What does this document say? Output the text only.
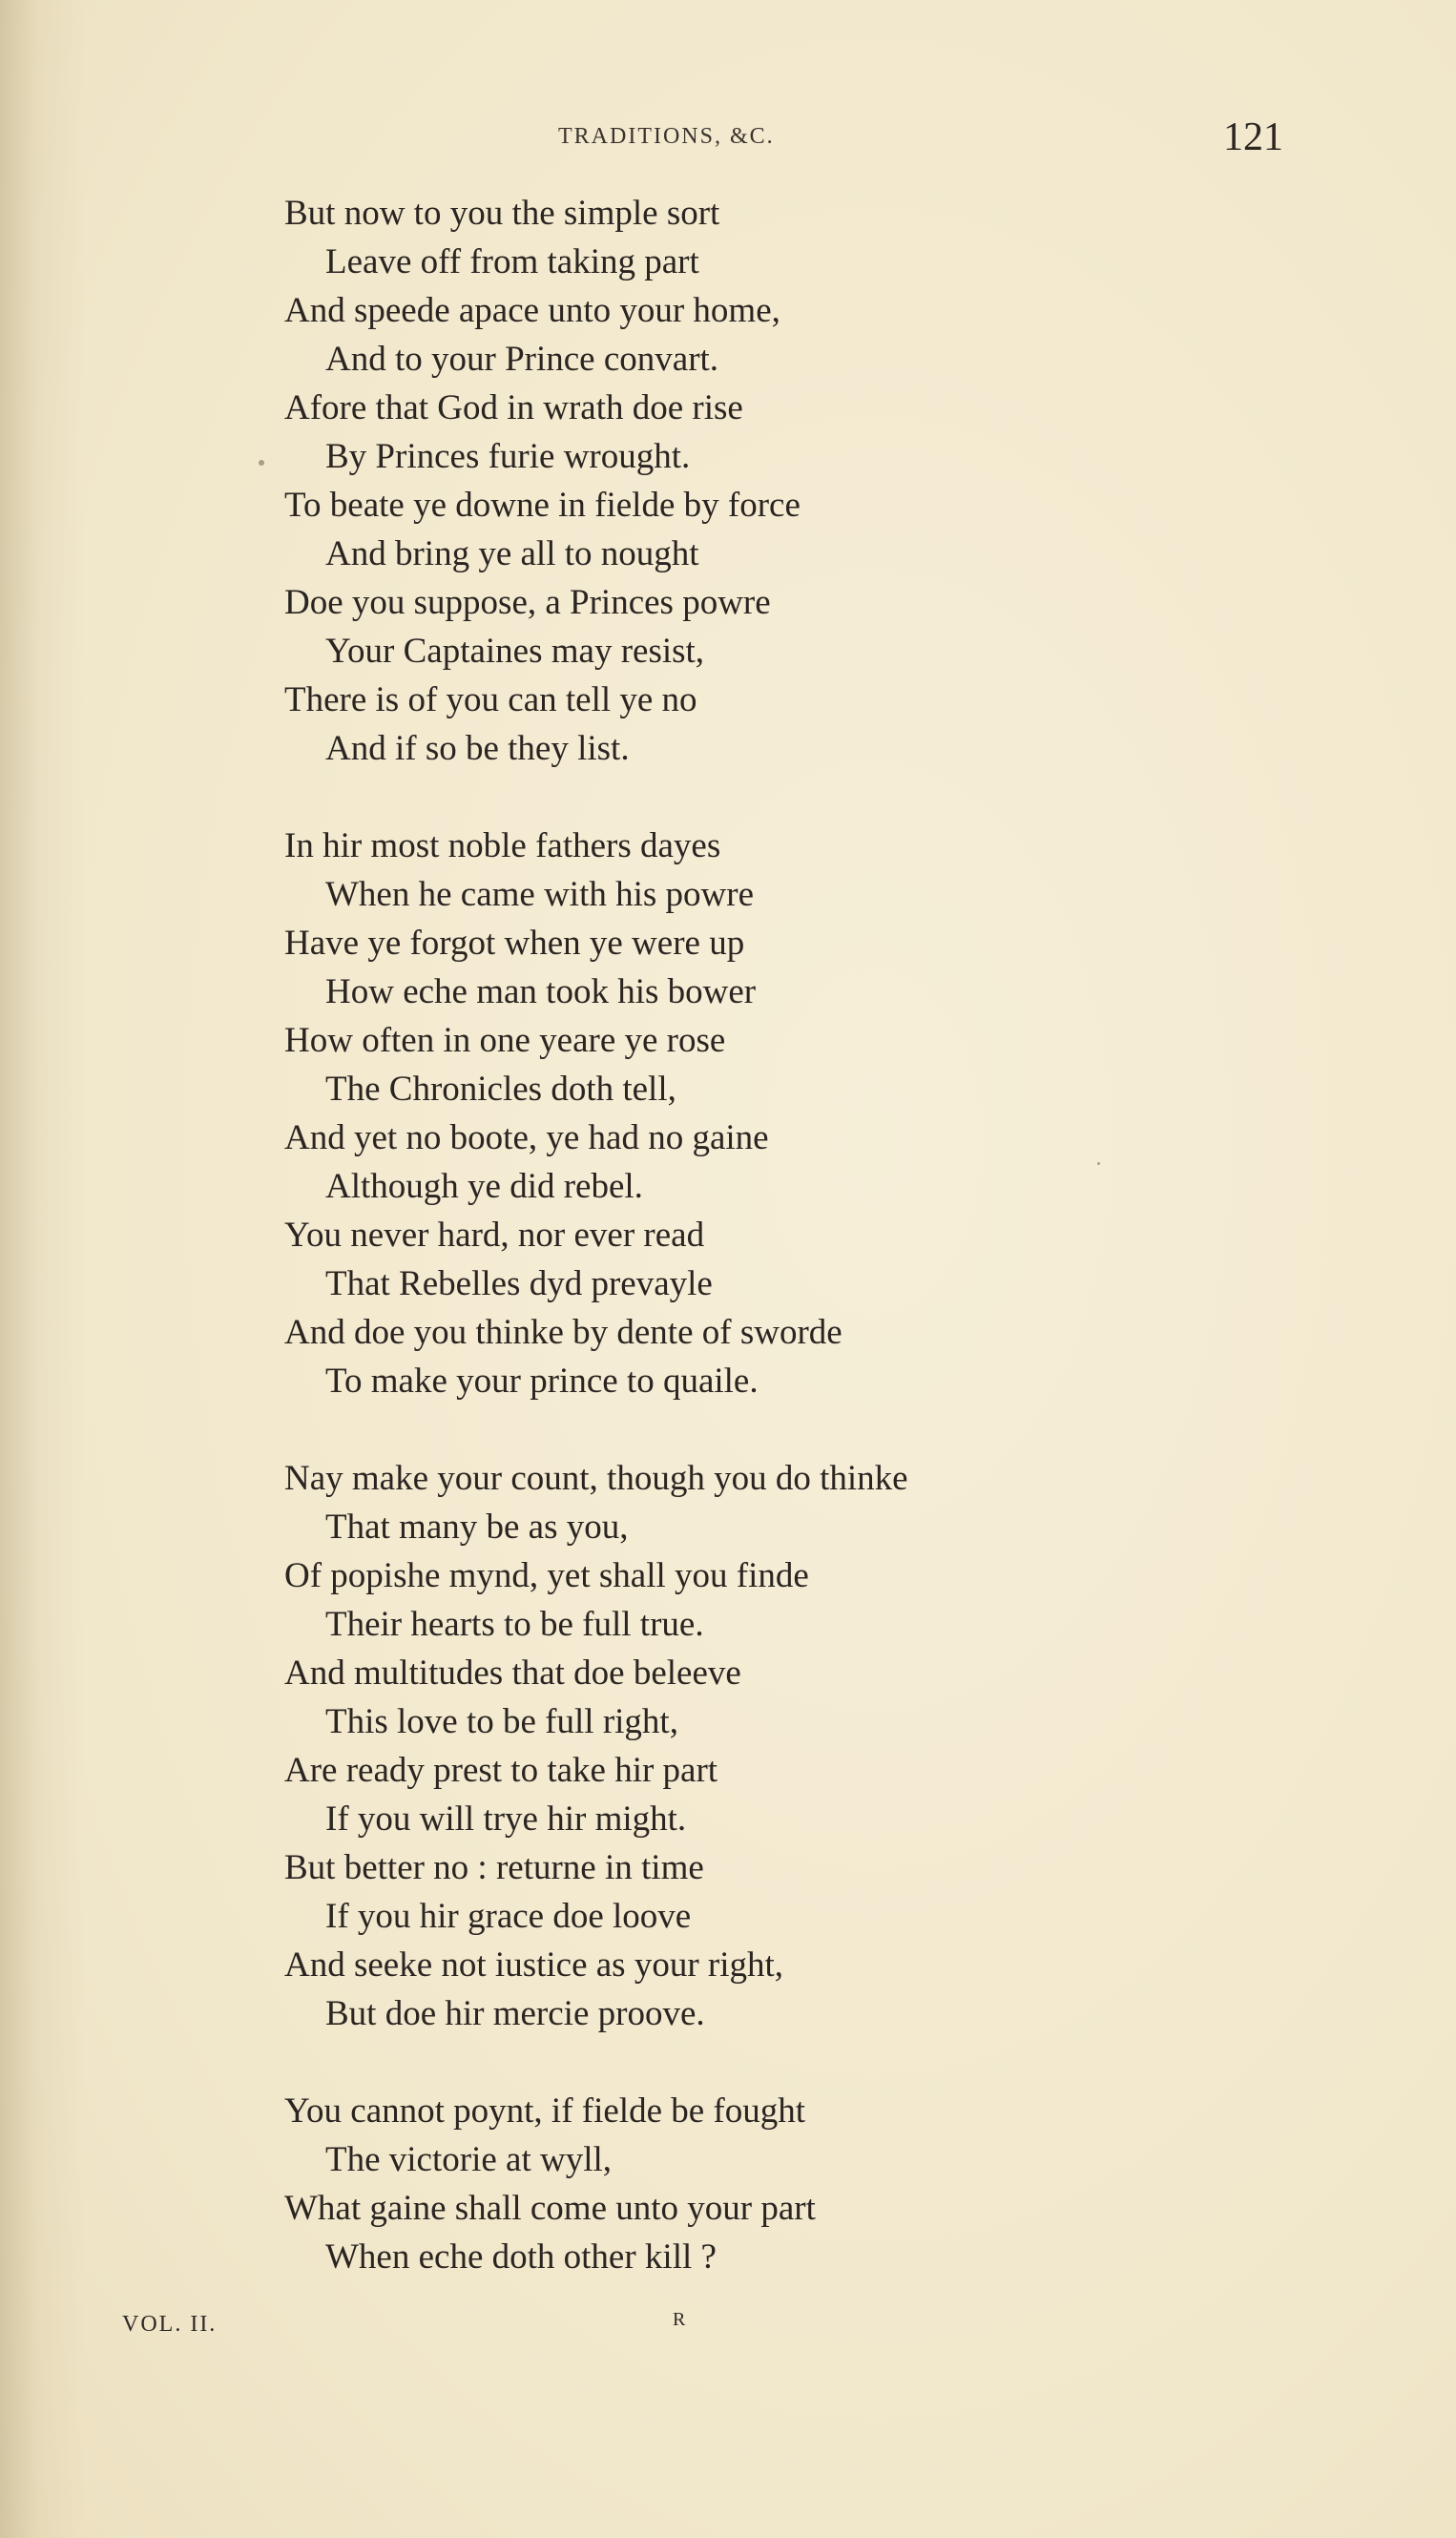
TRADITIONS, &C.	121
But now to you the simple sort
Leave off from taking part
And speede apace unto your home,
And to your Prince convart.
Afore that God in wrath doe rise
By Princes furie wrought.
To beate ye downe in fielde by force
And bring ye all to nought
Doe you suppose, a Princes powre
Your Captaines may resist,
There is of you can tell ye no
And if so be they list.
In hir most noble fathers dayes
When he came with his powre
Have ye forgot when ye were up
How eche man took his bower
How often in one yeare ye rose
The Chronicles doth tell,
And yet no boote, ye had no gaine
Although ye did rebel.
You never hard, nor ever read
That Rebelles dyd prevayle
And doe you thinke by dente of sworde
To make your prince to quaile.
Nay make your count, though you do thinke
That many be as you,
Of popishe mynd, yet shall you finde
Their hearts to be full true.
And multitudes that doe beleeve
This love to be full right,
Are ready prest to take hir part
If you will trye hir might.
But better no : returne in time
If you hir grace doe loove
And seeke not iustice as your right,
But doe hir mercie proove.
You cannot poynt, if fielde be fought
The victorie at wyll,
What gaine shall come unto your part
When eche doth other kill ?
VOL. II.	R
